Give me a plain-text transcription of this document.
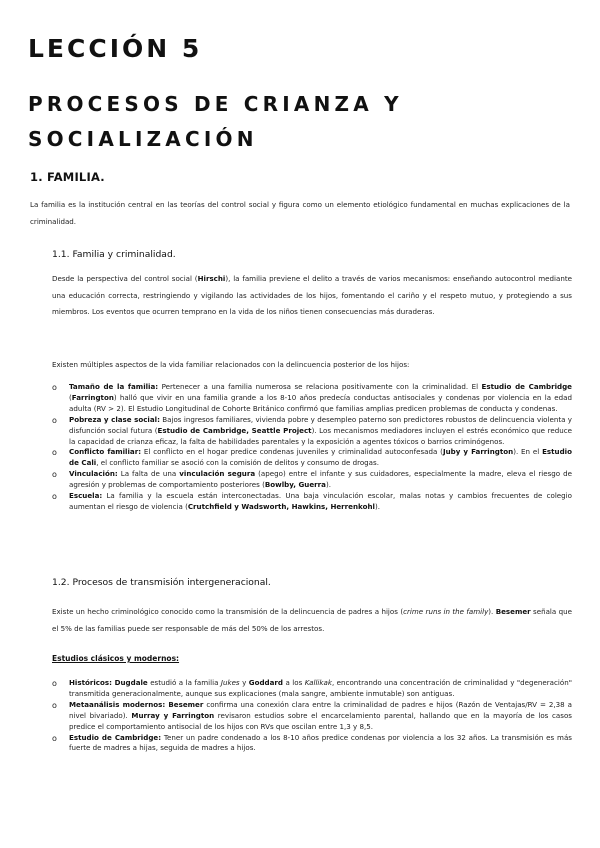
LECCIÓN 5
PROCESOS DE CRIANZA Y SOCIALIZACIÓN
1. FAMILIA.

La familia es la institución central en las teorías del control social y figura como un elemento etiológico fundamental en muchas explicaciones de la criminalidad.

1.1. Familia y criminalidad.

Desde la perspectiva del control social (Hirschi), la familia previene el delito a través de varios mecanismos: enseñando autocontrol mediante una educación correcta, restringiendo y vigilando las actividades de los hijos, fomentando el cariño y el respeto mutuo, y protegiendo a sus miembros. Los eventos que ocurren temprano en la vida de los niños tienen consecuencias más duraderas.

Existen múltiples aspectos de la vida familiar relacionados con la delincuencia posterior de los hijos:

o Tamaño de la familia: Pertenecer a una familia numerosa se relaciona positivamente con la criminalidad. El Estudio de Cambridge (Farrington) halló que vivir en una familia grande a los 8-10 años predecía conductas antisociales y condenas por violencia en la edad adulta (RV > 2). El Estudio Longitudinal de Cohorte Británico confirmó que familias amplias predicen problemas de conducta y condenas.
o Pobreza y clase social: Bajos ingresos familiares, vivienda pobre y desempleo paterno son predictores robustos de delincuencia violenta y disfunción social futura (Estudio de Cambridge, Seattle Project). Los mecanismos mediadores incluyen el estrés económico que reduce la capacidad de crianza eficaz, la falta de habilidades parentales y la exposición a agentes tóxicos o barrios criminógenos.
o Conflicto familiar: El conflicto en el hogar predice condenas juveniles y criminalidad autoconfesada (Juby y Farrington). En el Estudio de Cali, el conflicto familiar se asoció con la comisión de delitos y consumo de drogas.
o Vinculación: La falta de una vinculación segura (apego) entre el infante y sus cuidadores, especialmente la madre, eleva el riesgo de agresión y problemas de comportamiento posteriores (Bowlby, Guerra).
o Escuela: La familia y la escuela están interconectadas. Una baja vinculación escolar, malas notas y cambios frecuentes de colegio aumentan el riesgo de violencia (Crutchfield y Wadsworth, Hawkins, Herrenkohl).
1.2. Procesos de transmisión intergeneracional.

Existe un hecho criminológico conocido como la transmisión de la delincuencia de padres a hijos (crime runs in the family). Besemer señala que el 5% de las familias puede ser responsable de más del 50% de los arrestos.

Estudios clásicos y modernos:
o Históricos: Dugdale estudió a la familia Jukes y Goddard a los Kallikak, encontrando una concentración de criminalidad y "degeneración" transmitida generacionalmente, aunque sus explicaciones (mala sangre, ambiente inmutable) son antiguas.
o Metaanálisis modernos: Besemer confirma una conexión clara entre la criminalidad de padres e hijos (Razón de Ventajas/RV = 2,38 a nivel bivariado). Murray y Farrington revisaron estudios sobre el encarcelamiento parental, hallando que en la mayoría de los casos predice el comportamiento antisocial de los hijos con RVs que oscilan entre 1,3 y 8,5.
o Estudio de Cambridge: Tener un padre condenado a los 8-10 años predice condenas por violencia a los 32 años. La transmisión es más fuerte de madres a hijas, seguida de madres a hijos.
